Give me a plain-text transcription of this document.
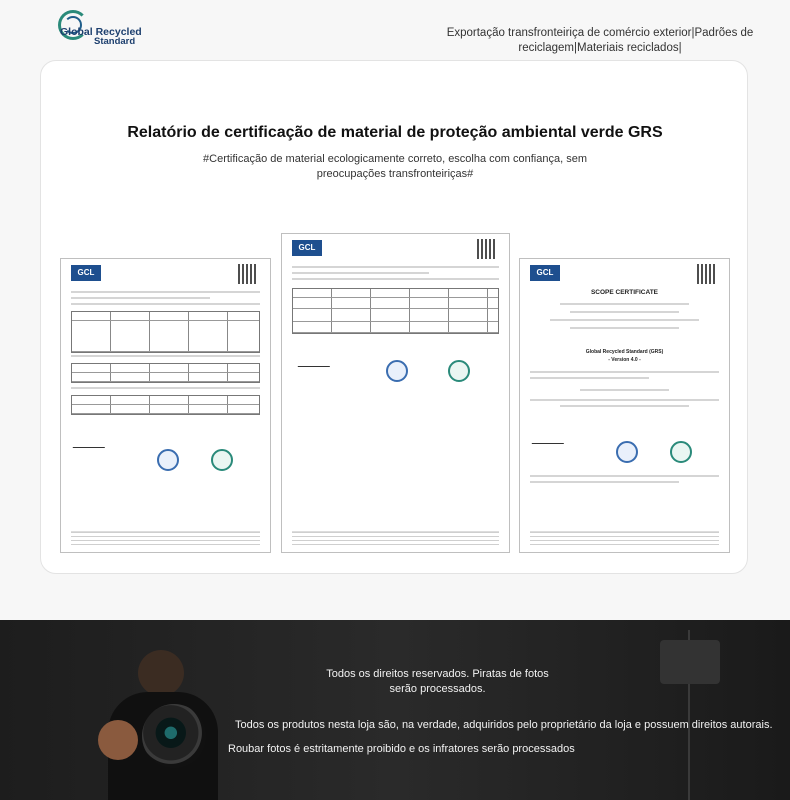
Global Recycled
Standard
Exportação transfronteiriça de comércio exterior|Padrões de reciclagem|Materiais reciclados|
Relatório de certificação de material de proteção ambiental verde GRS
#Certificação de material ecologicamente correto, escolha com confiança, sem preocupações transfronteiriças#
GCL
GCL
GCL
SCOPE CERTIFICATE
Global Recycled Standard (GRS)
- Version 4.0 -
Todos os direitos reservados. Piratas de fotos serão processados.
Todos os produtos nesta loja são, na verdade, adquiridos pelo proprietário da loja e possuem direitos autorais.
Roubar fotos é estritamente proibido e os infratores serão processados
